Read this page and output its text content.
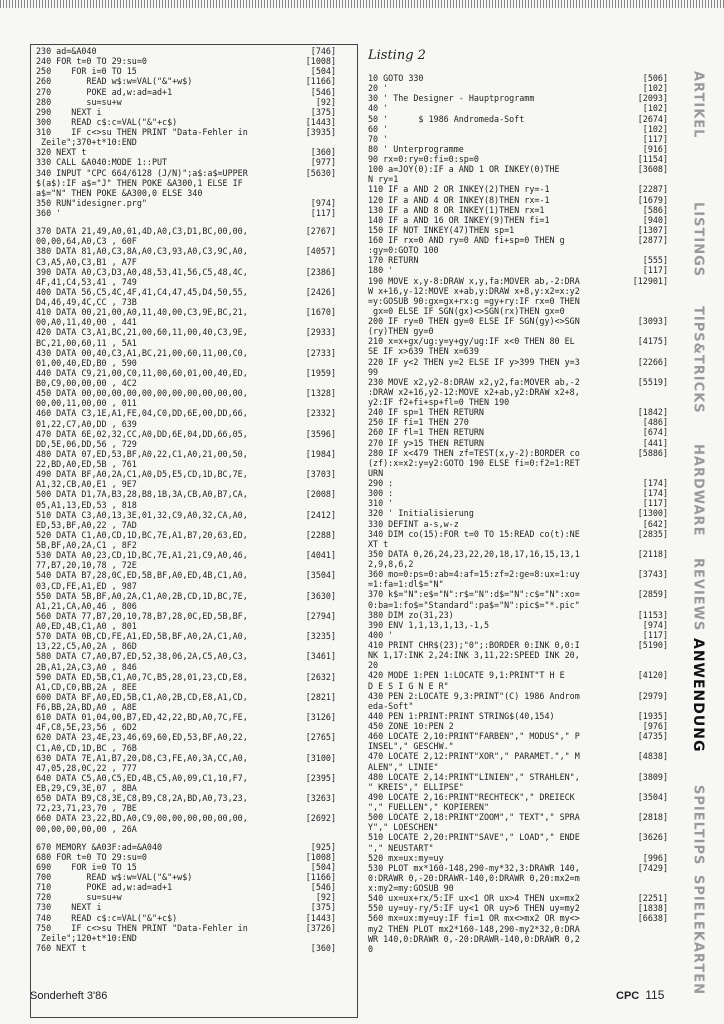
230 ad=&A040	[746]
240 FOR t=0 TO 29:su=0	[1008]
250    FOR i=0 TO 15	[504]
260       READ w$:w=VAL("&"+w$)	[1166]
270       POKE ad,w:ad=ad+1	[546]
280       su=su+w	[92]
290    NEXT i	[375]
300    READ c$:c=VAL("&"+c$)	[1443]
310    IF c<>su THEN PRINT "Data-Fehler in	[3935]
Zeile";370+t*10:END
320 NEXT t	[360]
330 CALL &A040:MODE 1::PUT	[977]
340 INPUT "CPC 664/6128 (J/N)";a$:a$=UPPER	[5630]
$(a$):IF a$="J" THEN POKE &A300,1 ELSE IF
a$="N" THEN POKE &A300,0 ELSE 340
350 RUN"idesigner.prg"	[974]
360 '	[117]
370 DATA 21,49,A0,01,4D,A0,C3,D1,BC,00,00,	[2767]
00,00,64,A0,C3 , 60F
380 DATA 81,A0,C3,8A,A0,C3,93,A0,C3,9C,A0,	[4057]
C3,A5,A0,C3,B1 , A7F
390 DATA A0,C3,D3,A0,48,53,41,56,C5,48,4C,	[2386]
4F,41,C4,53,41 , 749
400 DATA 56,C5,4C,4F,41,C4,47,45,D4,50,55,	[2426]
D4,46,49,4C,CC , 73B
410 DATA 00,21,00,A0,11,40,00,C3,9E,BC,21,	[1670]
00,A0,11,40,00 , 441
420 DATA C3,A1,BC,21,00,60,11,00,40,C3,9E,	[2933]
BC,21,00,60,11 , 5A1
430 DATA 00,40,C3,A1,BC,21,00,60,11,00,C0,	[2733]
01,00,40,ED,B0 , 590
440 DATA C9,21,00,C0,11,00,60,01,00,40,ED,	[1959]
B0,C9,00,00,00 , 4C2
450 DATA 00,00,00,00,00,00,00,00,00,00,00,	[1328]
00,00,11,00,00 , 011
460 DATA C3,1E,A1,FE,04,C0,DD,6E,00,DD,66,	[2332]
01,22,C7,A0,DD , 639
470 DATA 6E,02,32,CC,A0,DD,6E,04,DD,66,05,	[3596]
DD,5E,06,DD,56 , 729
480 DATA 07,ED,53,BF,A0,22,C1,A0,21,00,50,	[1984]
22,BD,A0,ED,5B , 761
490 DATA BF,A0,2A,C1,A0,D5,E5,CD,1D,BC,7E,	[3703]
A1,32,CB,A0,E1 , 9E7
500 DATA D1,7A,B3,28,B8,1B,3A,CB,A0,B7,CA,	[2008]
05,A1,13,ED,53 , 818
510 DATA C3,A0,13,3E,01,32,C9,A0,32,CA,A0,	[2412]
ED,53,BF,A0,22 , 7AD
520 DATA C1,A0,CD,1D,BC,7E,A1,B7,20,63,ED,	[2288]
5B,BF,A0,2A,C1 , 8F2
530 DATA A0,23,CD,1D,BC,7E,A1,21,C9,A0,46,	[4041]
77,B7,20,10,78 , 72E
540 DATA B7,28,0C,ED,5B,BF,A0,ED,4B,C1,A0,	[3504]
03,CD,FE,A1,ED , 987
550 DATA 5B,BF,A0,2A,C1,A0,2B,CD,1D,BC,7E,	[3630]
A1,21,CA,A0,46 , 806
560 DATA 77,B7,20,10,78,B7,28,0C,ED,5B,BF,	[2794]
A0,ED,4B,C1,A0 , 801
570 DATA 0B,CD,FE,A1,ED,5B,BF,A0,2A,C1,A0,	[3235]
13,22,C5,A0,2A , 86D
580 DATA C7,A0,B7,ED,52,38,06,2A,C5,A0,C3,	[3461]
2B,A1,2A,C3,A0 , 846
590 DATA ED,5B,C1,A0,7C,B5,28,01,23,CD,E8,	[2632]
A1,CD,C0,BB,2A , 8EE
600 DATA BF,A0,ED,5B,C1,A0,2B,CD,E8,A1,CD,	[2821]
F6,BB,2A,BD,A0 , A8E
610 DATA 01,04,00,B7,ED,42,22,BD,A0,7C,FE,	[3126]
4F,C8,5E,23,56 , 6D2
620 DATA 23,4E,23,46,69,60,ED,53,BF,A0,22,	[2765]
C1,A0,CD,1D,BC , 76B
630 DATA 7E,A1,B7,20,D8,C3,FE,A0,3A,CC,A0,	[3100]
47,05,28,0C,22 , 777
640 DATA C5,A0,C5,ED,4B,C5,A0,09,C1,10,F7,	[2395]
EB,29,C9,3E,07 , 8BA
650 DATA B9,C8,3E,C8,B9,C8,2A,BD,A0,73,23,	[3263]
72,23,71,23,70 , 7BE
660 DATA 23,22,BD,A0,C9,00,00,00,00,00,00,	[2692]
00,00,00,00,00 , 26A
670 MEMORY &A03F:ad=&A040	[925]
680 FOR t=0 TO 29:su=0	[1008]
690    FOR i=0 TO 15	[504]
700       READ w$:w=VAL("&"+w$)	[1166]
710       POKE ad,w:ad=ad+1	[546]
720       su=su+w	[92]
730    NEXT i	[375]
740    READ c$:c=VAL("&"+c$)	[1443]
750    IF c<>su THEN PRINT "Data-Fehler in	[3726]
Zeile";120+t*10:END
760 NEXT t	[360]
Listing 2
10 GOTO 330	[506]
20 '	[102]
30 ' The Designer - Hauptprogramm	[2093]
40 '	[102]
50 '      $ 1986 Andromeda-Soft	[2674]
60 '	[102]
70 '	[117]
80 ' Unterprogramme	[916]
90 rx=0:ry=0:fi=0:sp=0	[1154]
100 a=JOY(0):IF a AND 1 OR INKEY(0)THE	[3608]
N ry=1
110 IF a AND 2 OR INKEY(2)THEN ry=-1	[2287]
120 IF a AND 4 OR INKEY(8)THEN rx=-1	[1679]
130 IF a AND 8 OR INKEY(1)THEN rx=1	[586]
140 IF a AND 16 OR INKEY(9)THEN fi=1	[940]
150 IF NOT INKEY(47)THEN sp=1	[1307]
160 IF rx=0 AND ry=0 AND fi+sp=0 THEN g	[2877]
:gy=0:GOTO 100
170 RETURN	[555]
180 '	[117]
190 MOVE x,y-8:DRAW x,y,fa:MOVER ab,-2:DRA	[12901]
W x+16,y-12:MOVE x+ab,y:DRAW x+8,y:x2=x:y2
=y:GOSUB 90:gx=gx+rx:g =gy+ry:IF rx=0 THEN
gx=0 ELSE IF SGN(gx)<>SGN(rx)THEN gx=0
200 IF ry=0 THEN gy=0 ELSE IF SGN(gy)<>SGN	[3093]
(ry)THEN gy=0
210 x=x+gx/ug:y=y+gy/ug:IF x<0 THEN 80 EL	[4175]
SE IF x>639 THEN x=639
220 IF y<2 THEN y=2 ELSE IF y>399 THEN y=3	[2266]
99
230 MOVE x2,y2-8:DRAW x2,y2,fa:MOVER ab,-2	[5519]
:DRAW x2+16,y2-12:MOVE x2+ab,y2:DRAW x2+8,
y2:IF f2+fi+sp+fl=0 THEN 190
240 IF sp=1 THEN RETURN	[1842]
250 IF fi=1 THEN 270	[486]
260 IF fl=1 THEN RETURN	[674]
270 IF y>15 THEN RETURN	[441]
280 IF x<479 THEN zf=TEST(x,y-2):BORDER co	[5886]
(zf):x=x2:y=y2:GOTO 190 ELSE fi=0:f2=1:RET
URN
290 :	[174]
300 :	[174]
310 '	[117]
320 ' Initialisierung	[1300]
330 DEFINT a-s,w-z	[642]
340 DIM co(15):FOR t=0 TO 15:READ co(t):NE	[2835]
XT t
350 DATA 0,26,24,23,22,20,18,17,16,15,13,1	[2118]
2,9,8,6,2
360 mo=0:ps=0:ab=4:af=15:zf=2:ge=8:ux=1:uy	[3743]
=1:fa=1:dl$="N"
370 k$="N":e$="N":r$="N":d$="N":c$="N":xo=	[2859]
0:ba=1:fo$="Standard":pa$="N":pic$="*.pic"
380 DIM zo(31,23)	[1153]
390 ENV 1,1,13,1,13,-1,5	[974]
400 '	[117]
410 PRINT CHR$(23);"0";:BORDER 0:INK 0,0:I	[5190]
NK 1,17:INK 2,24:INK 3,11,22:SPEED INK 20,
20
420 MODE 1:PEN 1:LOCATE 9,1:PRINT"T H E	[4120]
D E S I G N E R"
430 PEN 2:LOCATE 9,3:PRINT"(C) 1986 Androm	[2979]
eda-Soft"
440 PEN 1:PRINT:PRINT STRING$(40,154)	[1935]
450 ZONE 10:PEN 2	[976]
460 LOCATE 2,10:PRINT"FARBEN"," MODUS"," P	[4735]
INSEL"," GESCHW."
470 LOCATE 2,12:PRINT"XOR"," PARAMET."," M	[4838]
ALEN"," LINIE"
480 LOCATE 2,14:PRINT"LINIEN"," STRAHLEN",	[3809]
" KREIS"," ELLIPSE"
490 LOCATE 2,16:PRINT"RECHTECK"," DREIECK	[3504]
"," FUELLEN"," KOPIEREN"
500 LOCATE 2,18:PRINT"ZOOM"," TEXT"," SPRA	[2818]
Y"," LOESCHEN"
510 LOCATE 2,20:PRINT"SAVE"," LOAD"," ENDE	[3626]
"," NEUSTART"
520 mx=ux:my=uy	[996]
530 PLOT mx*160-148,290-my*32,3:DRAWR 140,	[7429]
0:DRAWR 0,-20:DRAWR-140,0:DRAWR 0,20:mx2=m
x:my2=my:GOSUB 90
540 ux=ux+rx/5:IF ux<1 OR ux>4 THEN ux=mx2	[2251]
550 uy=uy-ry/5:IF uy<1 OR uy>6 THEN uy=my2	[1838]
560 mx=ux:my=uy:IF fi=1 OR mx<>mx2 OR my<>	[6638]
my2 THEN PLOT mx2*160-148,290-my2*32,0:DRA
WR 140,0:DRAWR 0,-20:DRAWR-140,0:DRAWR 0,2
0
ARTIKEL
LISTINGS
TIPS&TRICKS
HARDWARE
REVIEWS
ANWENDUNG
SPIELTIPS
SPIELEKARTEN
Sonderheft 3'86	CPC 115
